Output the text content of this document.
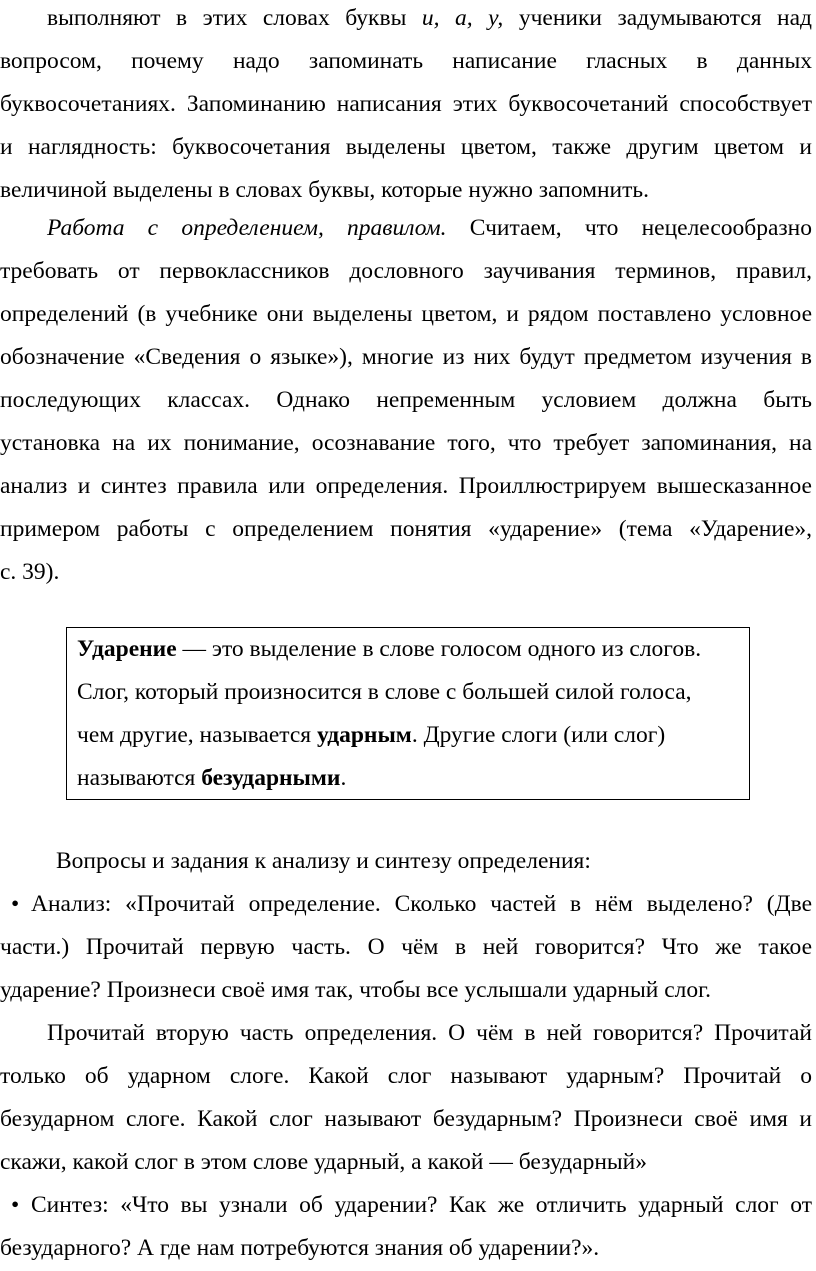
выполняют в этих словах буквы и, а, у, ученики задумываются над
вопросом, почему надо запоминать написание гласных в данных
буквосочетаниях. Запоминанию написания этих буквосочетаний способствует
и наглядность: буквосочетания выделены цветом, также другим цветом и
величиной выделены в словах буквы, которые нужно запомнить.

Работа с определением, правилом. Считаем, что нецелесообразно
требовать от первоклассников дословного заучивания терминов, правил,
определений (в учебнике они выделены цветом, и рядом поставлено условное
обозначение «Сведения о языке»), многие из них будут предметом изучения в
последующих классах. Однако непременным условием должна быть
установка на их понимание, осознавание того, что требует запоминания, на
анализ и синтез правила или определения. Проиллюстрируем вышесказанное
примером работы с определением понятия «ударение» (тема «Ударение»,
с. 39).

Ударение — это выделение в слове голосом одного из слогов.
Слог, который произносится в слове с большей силой голоса,
чем другие, называется ударным. Другие слоги (или слог)
называются безударными.
Вопросы и задания к анализу и синтезу определения:

• Анализ: «Прочитай определение. Сколько частей в нём выделено? (Две
части.) Прочитай первую часть. О чём в ней говорится? Что же такое
ударение? Произнеси своё имя так, чтобы все услышали ударный слог.

Прочитай вторую часть определения. О чём в ней говорится? Прочитай
только об ударном слоге. Какой слог называют ударным? Прочитай о
безударном слоге. Какой слог называют безударным? Произнеси своё имя и
скажи, какой слог в этом слове ударный, а какой — безударный»

• Синтез: «Что вы узнали об ударении? Как же отличить ударный слог от
безударного? А где нам потребуются знания об ударении?».
